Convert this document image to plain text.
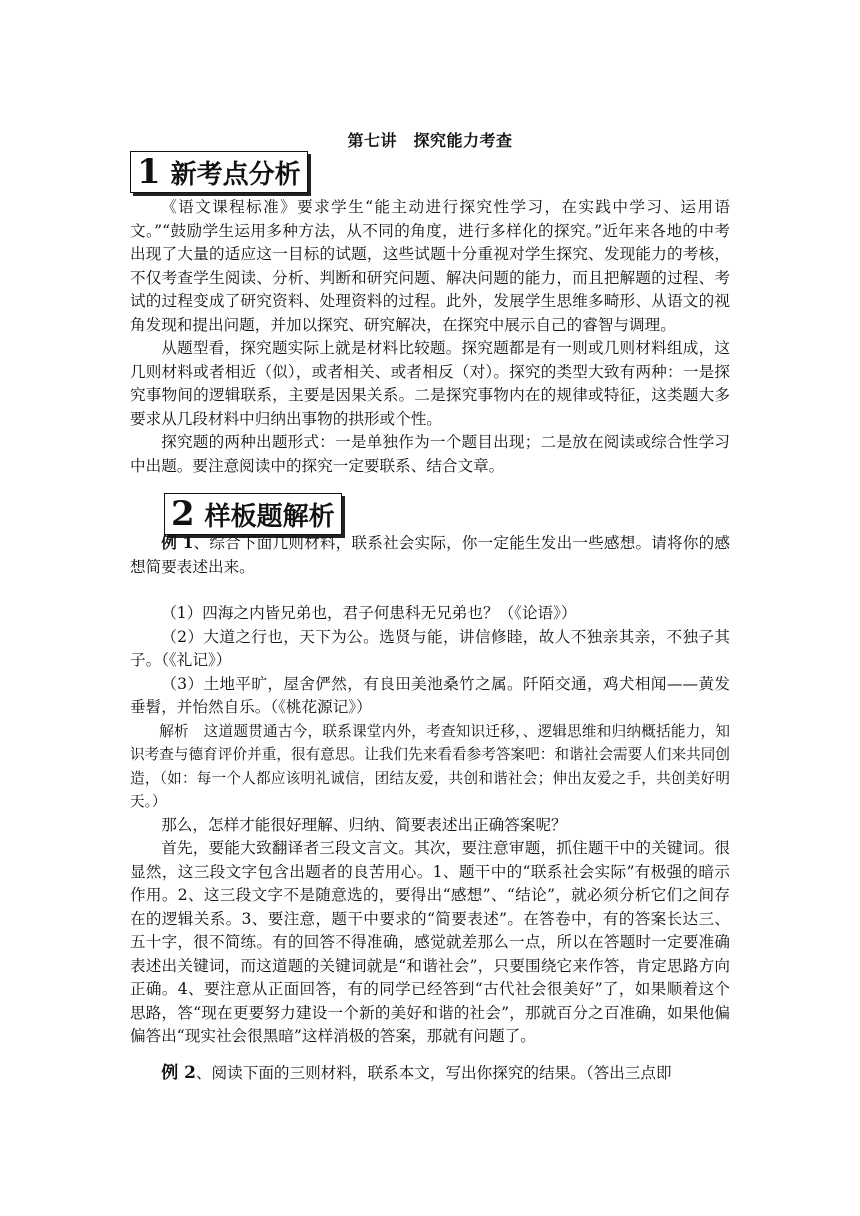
第七讲　探究能力考查
1 新考点分析

《语文课程标准》要求学生“能主动进行探究性学习，在实践中学习、运用语文。”“鼓励学生运用多种方法，从不同的角度，进行多样化的探究。”近年来各地的中考出现了大量的适应这一目标的试题，这些试题十分重视对学生探究、发现能力的考核，不仅考查学生阅读、分析、判断和研究问题、解决问题的能力，而且把解题的过程、考试的过程变成了研究资料、处理资料的过程。此外，发展学生思维多畸形、从语文的视角发现和提出问题，并加以探究、研究解决，在探究中展示自己的睿智与调理。

从题型看，探究题实际上就是材料比较题。探究题都是有一则或几则材料组成，这几则材料或者相近（似），或者相关、或者相反（对）。探究的类型大致有两种：一是探究事物间的逻辑联系，主要是因果关系。二是探究事物内在的规律或特征，这类题大多要求从几段材料中归纳出事物的拱形或个性。

探究题的两种出题形式：一是单独作为一个题目出现；二是放在阅读或综合性学习中出题。要注意阅读中的探究一定要联系、结合文章。

2 样板题解析

例 1、综合下面几则材料，联系社会实际，你一定能生发出一些感想。请将你的感想简要表述出来。

（1）四海之内皆兄弟也，君子何患科无兄弟也？（《论语》）

（2）大道之行也，天下为公。选贤与能，讲信修睦，故人不独亲其亲，不独子其子。（《礼记》）

（3）土地平旷，屋舍俨然，有良田美池桑竹之属。阡陌交通，鸡犬相闻——黄发垂髫，并怡然自乐。（《桃花源记》）

解析　这道题贯通古今，联系课堂内外，考查知识迁移，、逻辑思维和归纳概括能力，知识考查与德育评价并重，很有意思。让我们先来看看参考答案吧：和谐社会需要人们来共同创造，（如：每一个人都应该明礼诚信，团结友爱，共创和谐社会；伸出友爱之手，共创美好明天。）

那么，怎样才能很好理解、归纳、简要表述出正确答案呢？

首先，要能大致翻译者三段文言文。其次，要注意审题，抓住题干中的关键词。很显然，这三段文字包含出题者的良苦用心。1、题干中的“联系社会实际”有极强的暗示作用。2、这三段文字不是随意选的，要得出“感想”、“结论”，就必须分析它们之间存在的逻辑关系。3、要注意，题干中要求的“简要表述”。在答卷中，有的答案长达三、五十字，很不简练。有的回答不得准确，感觉就差那么一点，所以在答题时一定要准确表述出关键词，而这道题的关键词就是“和谐社会”，只要围绕它来作答，肯定思路方向正确。4、要注意从正面回答，有的同学已经答到“古代社会很美好”了，如果顺着这个思路，答“现在更要努力建设一个新的美好和谐的社会”，那就百分之百准确，如果他偏偏答出“现实社会很黑暗”这样消极的答案，那就有问题了。

例 2、阅读下面的三则材料，联系本文，写出你探究的结果。（答出三点即
